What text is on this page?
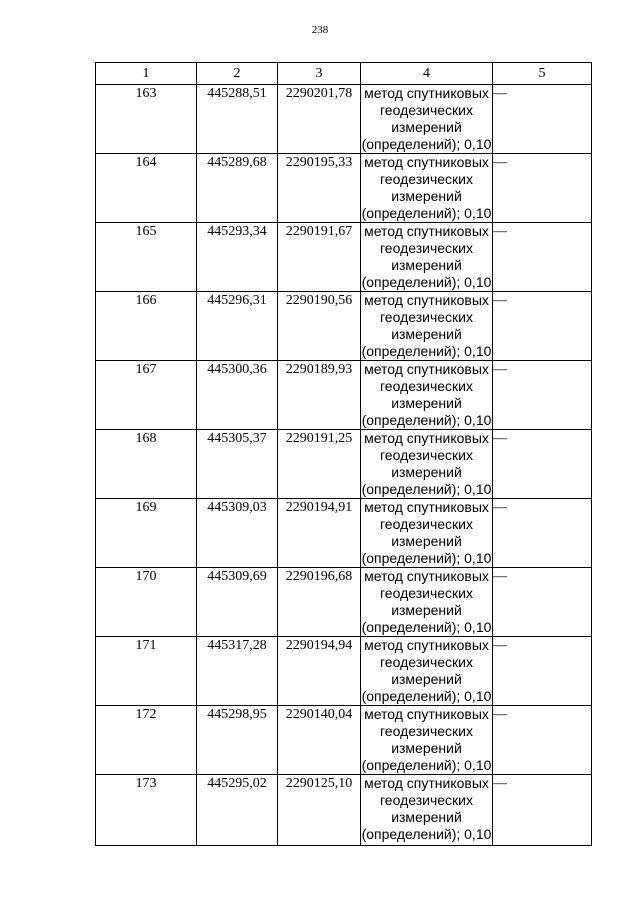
238
1	2	3	4	5
163	445288,51	2290201,78	метод спутниковых
геодезических
измерений
(определений); 0,10	—
164	445289,68	2290195,33	метод спутниковых
геодезических
измерений
(определений); 0,10	—
165	445293,34	2290191,67	метод спутниковых
геодезических
измерений
(определений); 0,10	—
166	445296,31	2290190,56	метод спутниковых
геодезических
измерений
(определений); 0,10	—
167	445300,36	2290189,93	метод спутниковых
геодезических
измерений
(определений); 0,10	—
168	445305,37	2290191,25	метод спутниковых
геодезических
измерений
(определений); 0,10	—
169	445309,03	2290194,91	метод спутниковых
геодезических
измерений
(определений); 0,10	—
170	445309,69	2290196,68	метод спутниковых
геодезических
измерений
(определений); 0,10	—
171	445317,28	2290194,94	метод спутниковых
геодезических
измерений
(определений); 0,10	—
172	445298,95	2290140,04	метод спутниковых
геодезических
измерений
(определений); 0,10	—
173	445295,02	2290125,10	метод спутниковых
геодезических
измерений
(определений); 0,10	—
